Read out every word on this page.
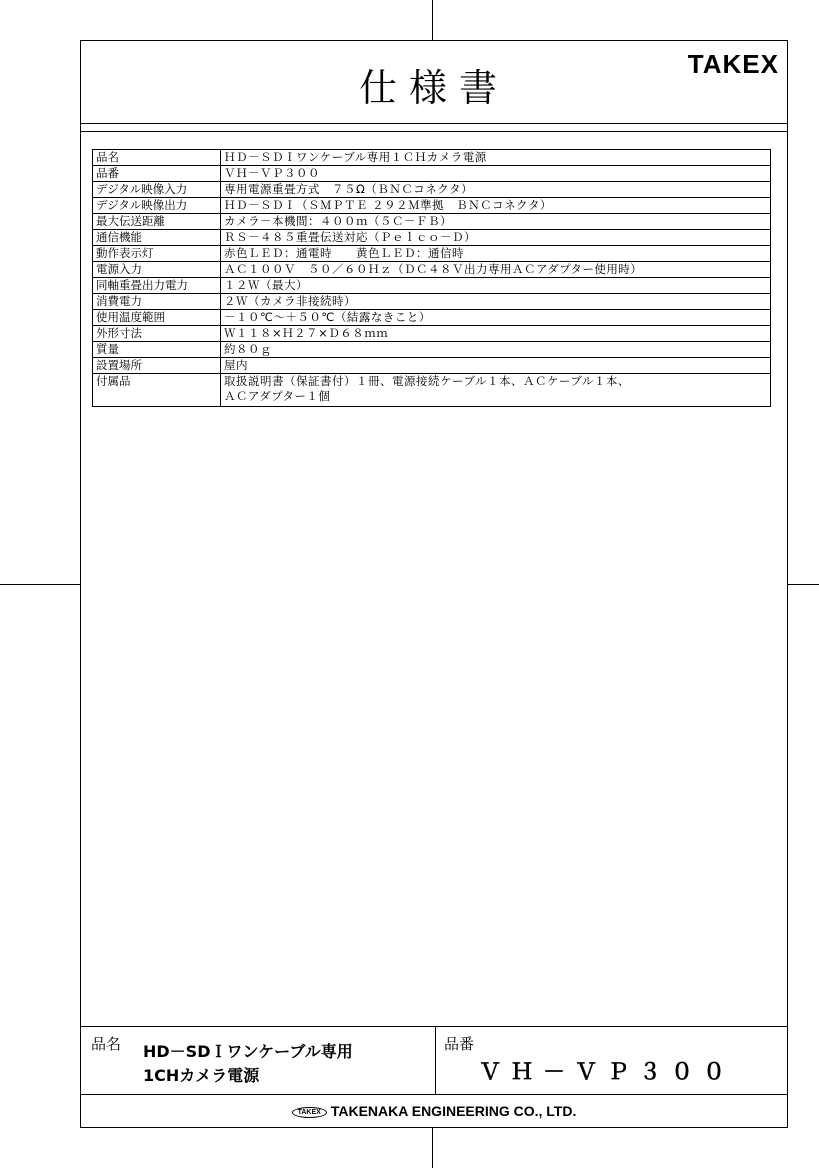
仕様書
TAKEX
品名	ＨＤ－ＳＤＩワンケーブル専用１ＣＨカメラ電源
品番	ＶＨ－ＶＰ３００
デジタル映像入力	専用電源重畳方式　７５Ω（ＢＮＣコネクタ）
デジタル映像出力	ＨＤ－ＳＤＩ（ＳＭＰＴＥ ２９２Ｍ準拠　ＢＮＣコネクタ）
最大伝送距離	カメラ－本機間：４００ｍ（５Ｃ－ＦＢ）
通信機能	ＲＳ－４８５重畳伝送対応（Ｐｅｌｃｏ－Ｄ）
動作表示灯	赤色ＬＥＤ：通電時　　黄色ＬＥＤ：通信時
電源入力	ＡＣ１００Ｖ　５０／６０Ｈｚ（ＤＣ４８Ｖ出力専用ＡＣアダプター使用時）
同軸重畳出力電力	１２Ｗ（最大）
消費電力	２Ｗ（カメラ非接続時）
使用温度範囲	－１０℃～＋５０℃（結露なきこと）
外形寸法	Ｗ１１８×Ｈ２７×Ｄ６８ｍｍ
質量	約８０ｇ
設置場所	屋内
付属品	取扱説明書（保証書付）１冊、電源接続ケーブル１本、ＡＣケーブル１本、
ＡＣアダプター１個
品名 HD－SDＩワンケーブル専用
1CHカメラ電源
品番
ＶＨ－ＶＰ３００
TAKEX TAKENAKA ENGINEERING CO., LTD.
